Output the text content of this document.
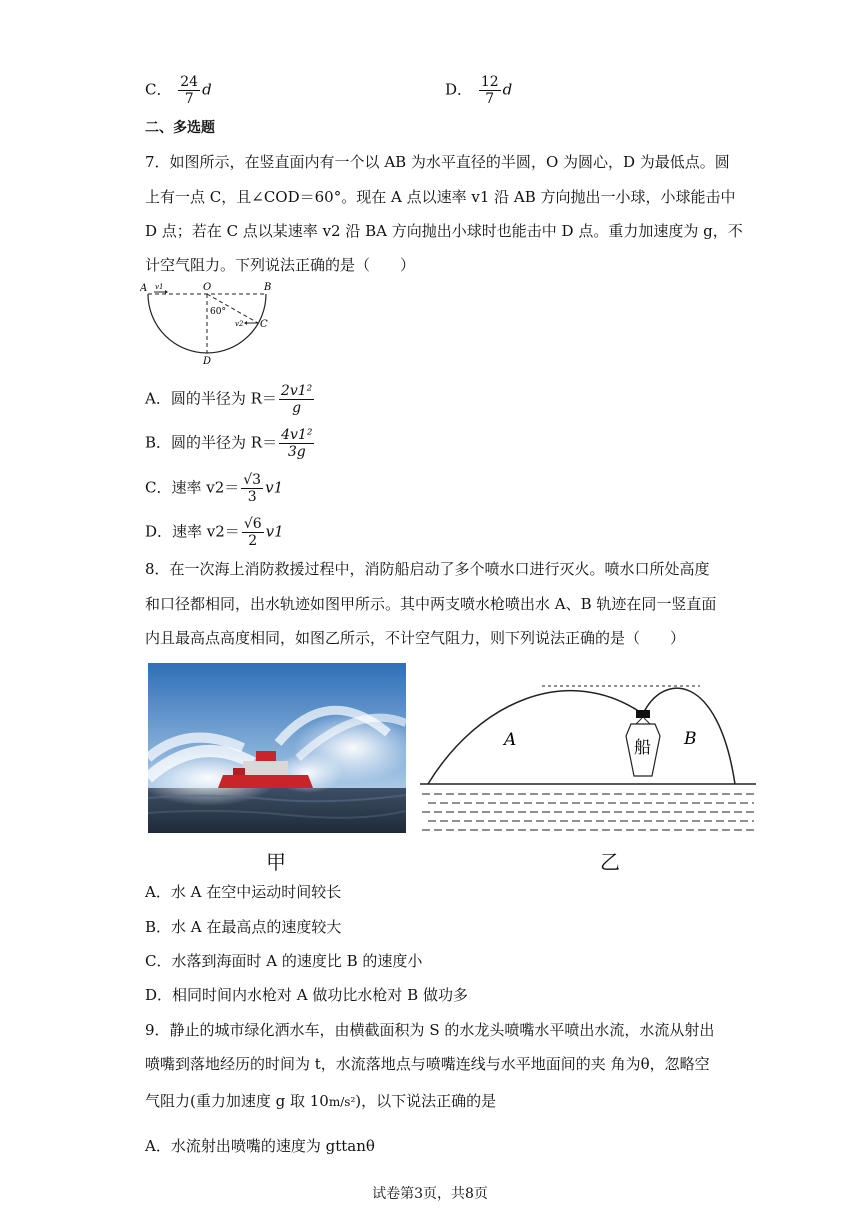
C． $\frac{24}{7}$ d	D． $\frac{12}{7}$ d
二、多选题
7．如图所示，在竖直面内有一个以 AB 为水平直径的半圆，O 为圆心，D 为最低点。圆
上有一点 C，且∠COD＝60°。现在 A 点以速率 v1 沿 AB 方向抛出一小球，小球能击中
D 点；若在 C 点以某速率 v2 沿 BA 方向抛出小球时也能击中 D 点。重力加速度为 g，不
计空气阻力。下列说法正确的是（　　）
A v1	O	B
60°
v2 C
D
A．圆的半径为 $R= \frac{\text{2v1²}}{g}$
B．圆的半径为 $R= \frac{\text{4v1²}}{3g}$
C．速率 $v2= \frac{√3}{3} v1$
D．速率 $v2= \frac{√6}{2} v1$
8．在一次海上消防救援过程中，消防船启动了多个喷水口进行灭火。喷水口所处高度
和口径都相同，出水轨迹如图甲所示。其中两支喷水枪喷出水 A、B 轨迹在同一竖直面
内且最高点高度相同，如图乙所示，不计空气阻力，则下列说法正确的是（　　）
甲
船
A	B
乙
A．水 A 在空中运动时间较长
B．水 A 在最高点的速度较大
C．水落到海面时 A 的速度比 B 的速度小
D．相同时间内水枪对 A 做功比水枪对 B 做功多
9．静止的城市绿化洒水车，由横截面积为 S 的水龙头喷嘴水平喷出水流，水流从射出
喷嘴到落地经历的时间为 t，水流落地点与喷嘴连线与水平地面间的夹 角为θ，忽略空
气阻力(重力加速度 g 取 10m/s²)，以下说法正确的是
A．水流射出喷嘴的速度为 gttanθ
试卷第3页，共8页
